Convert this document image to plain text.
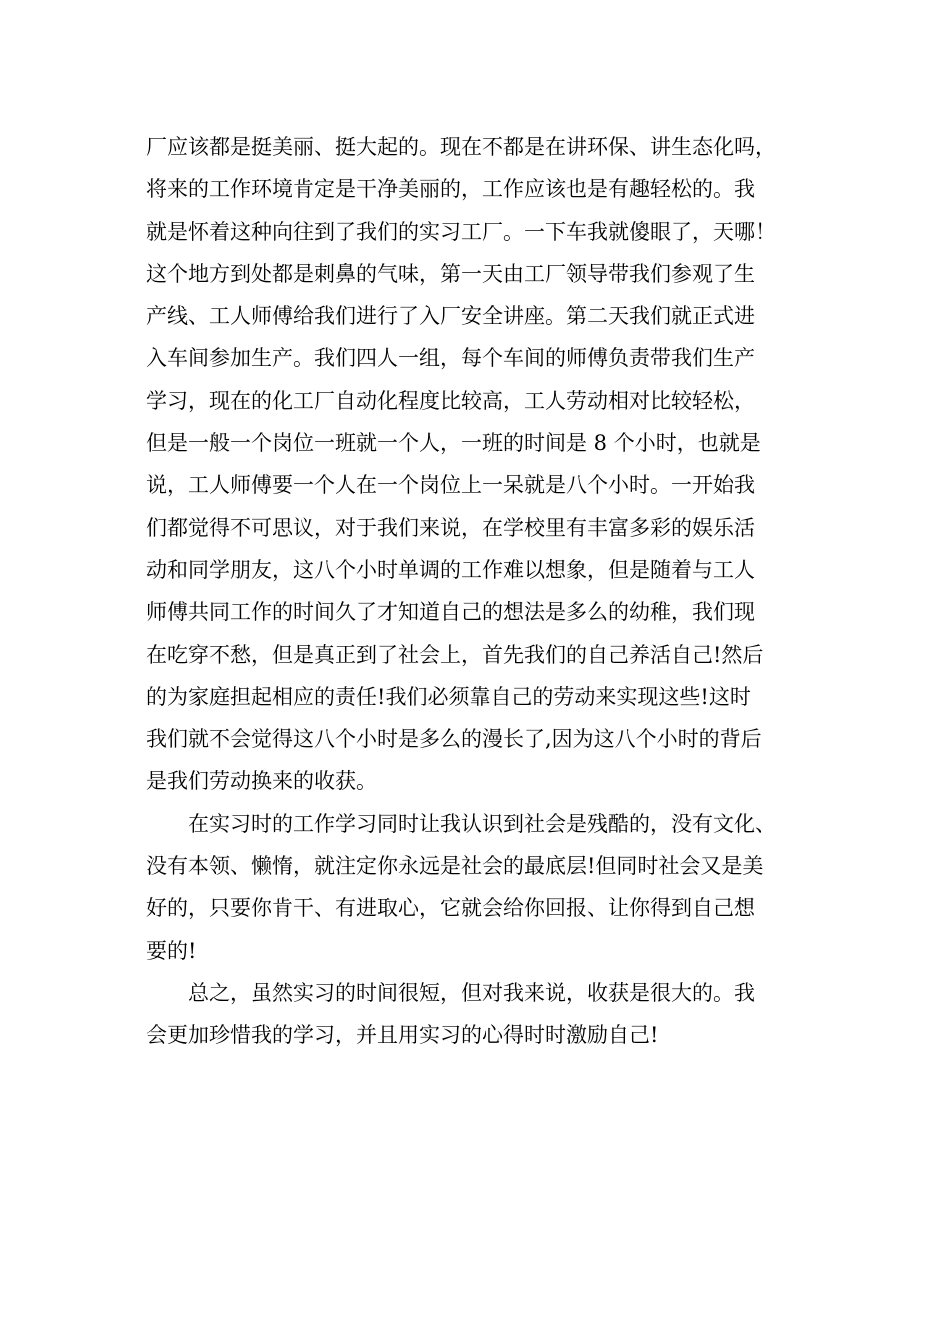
厂应该都是挺美丽、挺大起的。现在不都是在讲环保、讲生态化吗，
将来的工作环境肯定是干净美丽的，工作应该也是有趣轻松的。我
就是怀着这种向往到了我们的实习工厂。一下车我就傻眼了，天哪！
这个地方到处都是刺鼻的气味，第一天由工厂领导带我们参观了生
产线、工人师傅给我们进行了入厂安全讲座。第二天我们就正式进
入车间参加生产。我们四人一组，每个车间的师傅负责带我们生产
学习，现在的化工厂自动化程度比较高，工人劳动相对比较轻松，
但是一般一个岗位一班就一个人，一班的时间是 8 个小时，也就是
说，工人师傅要一个人在一个岗位上一呆就是八个小时。一开始我
们都觉得不可思议，对于我们来说，在学校里有丰富多彩的娱乐活
动和同学朋友，这八个小时单调的工作难以想象，但是随着与工人
师傅共同工作的时间久了才知道自己的想法是多么的幼稚，我们现
在吃穿不愁，但是真正到了社会上，首先我们的自己养活自己!然后
的为家庭担起相应的责任!我们必须靠自己的劳动来实现这些!这时
我们就不会觉得这八个小时是多么的漫长了,因为这八个小时的背后
是我们劳动换来的收获。
在实习时的工作学习同时让我认识到社会是残酷的，没有文化、
没有本领、懒惰，就注定你永远是社会的最底层!但同时社会又是美
好的，只要你肯干、有进取心，它就会给你回报、让你得到自己想
要的!
总之，虽然实习的时间很短，但对我来说，收获是很大的。我
会更加珍惜我的学习，并且用实习的心得时时激励自己!
